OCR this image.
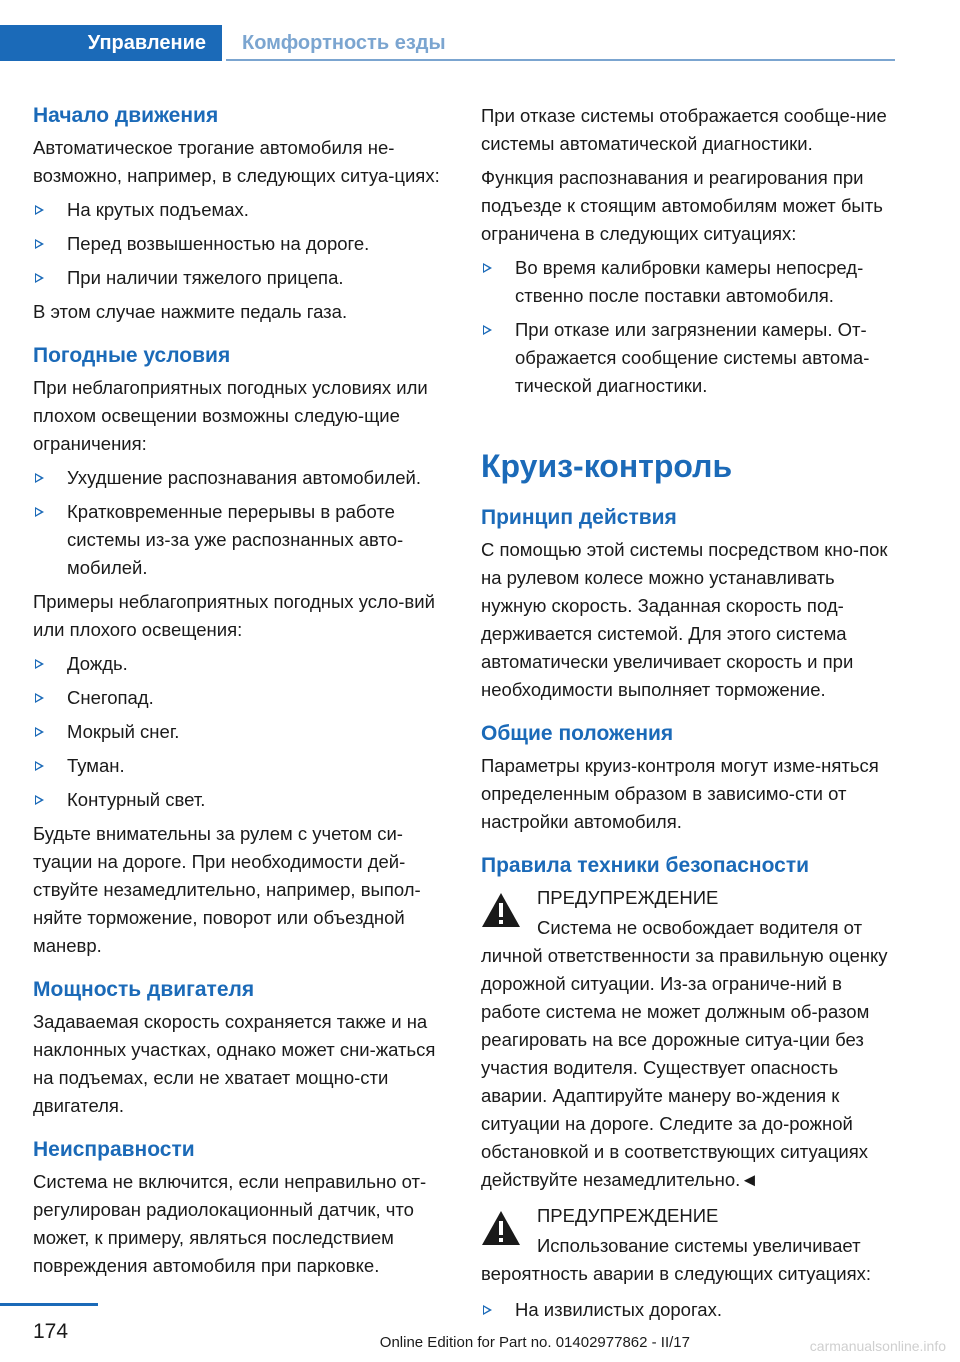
Управление	Комфортность езды
Начало движения

Автоматическое трогание автомобиля не-возможно, например, в следующих ситуа-циях:

На крутых подъемах.
Перед возвышенностью на дороге.
При наличии тяжелого прицепа.

В этом случае нажмите педаль газа.

Погодные условия

При неблагоприятных погодных условиях или плохом освещении возможны следую-щие ограничения:

Ухудшение распознавания автомобилей.
Кратковременные перерывы в работе системы из-за уже распознанных авто-мобилей.

Примеры неблагоприятных погодных усло-вий или плохого освещения:

Дождь.
Снегопад.
Мокрый снег.
Туман.
Контурный свет.

Будьте внимательны за рулем с учетом си-туации на дороге. При необходимости дей-ствуйте незамедлительно, например, выпол-няйте торможение, поворот или объездной маневр.

Мощность двигателя

Задаваемая скорость сохраняется также и на наклонных участках, однако может сни-жаться на подъемах, если не хватает мощно-сти двигателя.

Неисправности

Система не включится, если неправильно от-регулирован радиолокационный датчик, что может, к примеру, являться последствием повреждения автомобиля при парковке.

При отказе системы отображается сообще-ние системы автоматической диагностики.

Функция распознавания и реагирования при подъезде к стоящим автомобилям может быть ограничена в следующих ситуациях:

Во время калибровки камеры непосред-ственно после поставки автомобиля.
При отказе или загрязнении камеры. От-ображается сообщение системы автома-тической диагностики.
Круиз-контроль
Принцип действия

С помощью этой системы посредством кно-пок на рулевом колесе можно устанавливать нужную скорость. Заданная скорость под-держивается системой. Для этого система автоматически увеличивает скорость и при необходимости выполняет торможение.

Общие положения

Параметры круиз-контроля могут изме-няться определенным образом в зависимо-сти от настройки автомобиля.

Правила техники безопасности
ПРЕДУПРЕЖДЕНИЕ

Система не освобождает водителя от личной ответственности за правильную оценку дорожной ситуации. Из-за ограниче-ний в работе система не может должным об-разом реагировать на все дорожные ситуа-ции без участия водителя. Существует опасность аварии. Адаптируйте манеру во-ждения к ситуации на дороге. Следите за до-рожной обстановкой и в соответствующих ситуациях действуйте незамедлительно.◄

ПРЕДУПРЕЖДЕНИЕ

Использование системы увеличивает вероятность аварии в следующих ситуациях:

На извилистых дорогах.
174	Online Edition for Part no. 01402977862 - II/17	carmanualsonline.info
